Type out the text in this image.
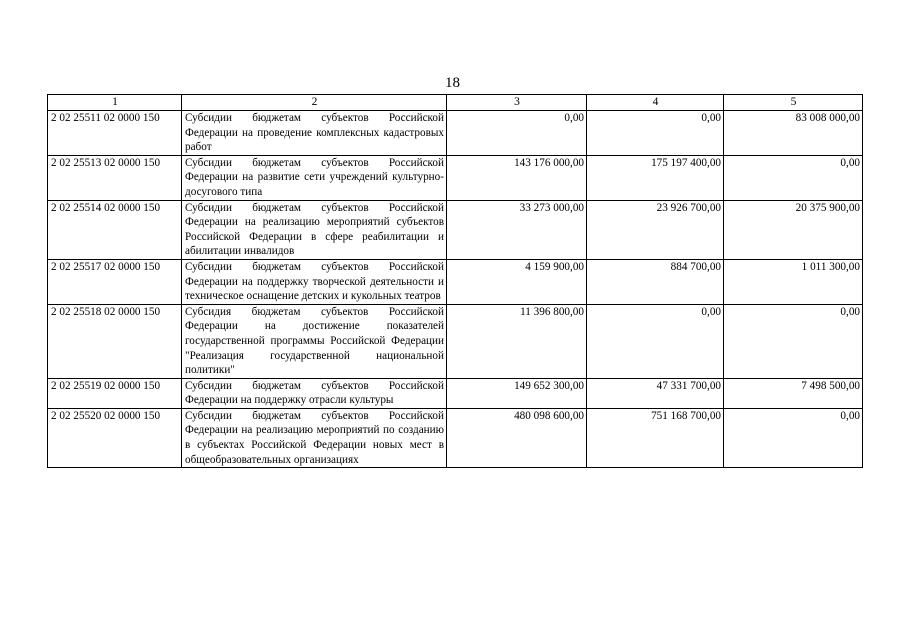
18
1	2	3	4	5
2 02 25511 02 0000 150	Субсидии бюджетам субъектов Российской Федерации на проведение комплексных кадастровых работ	0,00	0,00	83 008 000,00
2 02 25513 02 0000 150	Субсидии бюджетам субъектов Российской Федерации на развитие сети учреждений культурно-досугового типа	143 176 000,00	175 197 400,00	0,00
2 02 25514 02 0000 150	Субсидии бюджетам субъектов Российской Федерации на реализацию мероприятий субъектов Российской Федерации в сфере реабилитации и абилитации инвалидов	33 273 000,00	23 926 700,00	20 375 900,00
2 02 25517 02 0000 150	Субсидии бюджетам субъектов Российской Федерации на поддержку творческой деятельности и техническое оснащение детских и кукольных театров	4 159 900,00	884 700,00	1 011 300,00
2 02 25518 02 0000 150	Субсидия бюджетам субъектов Российской Федерации на достижение показателей государственной программы Российской Федерации "Реализация государственной национальной политики"	11 396 800,00	0,00	0,00
2 02 25519 02 0000 150	Субсидии бюджетам субъектов Российской Федерации на поддержку отрасли культуры	149 652 300,00	47 331 700,00	7 498 500,00
2 02 25520 02 0000 150	Субсидии бюджетам субъектов Российской Федерации на реализацию мероприятий по созданию в субъектах Российской Федерации новых мест в общеобразовательных организациях	480 098 600,00	751 168 700,00	0,00
